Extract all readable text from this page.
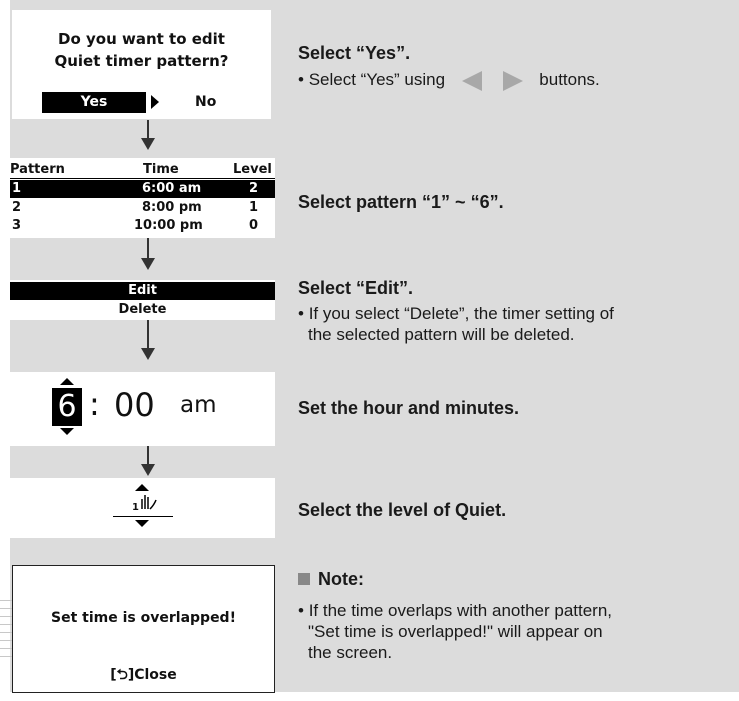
Do you want to edit
Quiet timer pattern?
Yes	No
Select “Yes”.
• Select “Yes” using	buttons.
Pattern	Time	Level
1	6:00 am	2
2	8:00 pm	1
3	10:00 pm	0
Select pattern “1” ~ “6”.
Edit
Delete
Select “Edit”.
• If you select “Delete”, the timer setting of
the selected pattern will be deleted.
6 : 00 am	Set the hour and minutes.
1	Select the level of Quiet.
Set time is overlapped!
[⮌]Close
Note:
• If the time overlaps with another pattern,
"Set time is overlapped!" will appear on
the screen.
